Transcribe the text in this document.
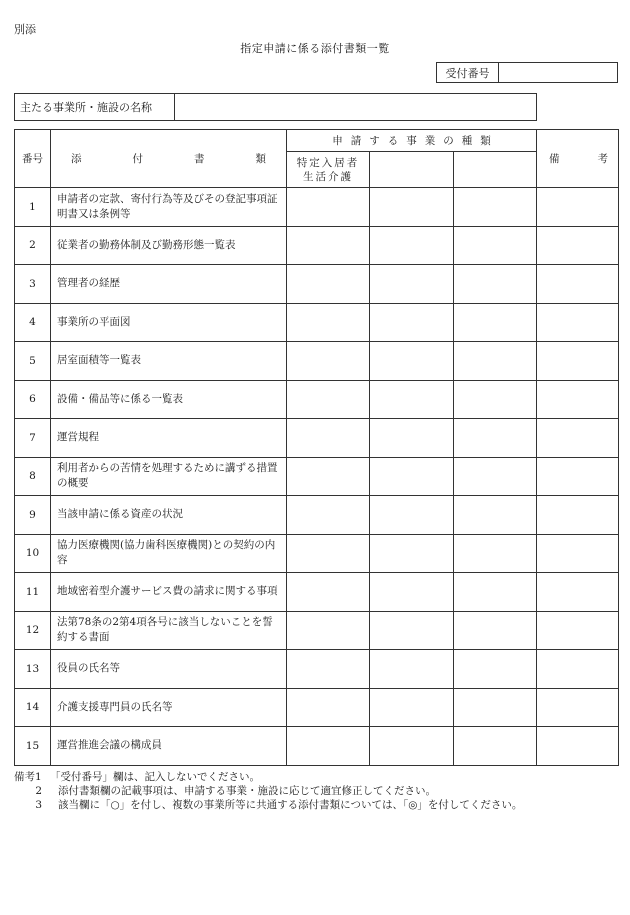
別添
指定申請に係る添付書類一覧
受付番号	
主たる事業所・施設の名称	
番号	添 付 書 類	申請する事業の種類			備 考

		特定入居者
生活介護			

1	申請者の定款、寄付行為等及びその登記事項証明書又は条例等				
2	従業者の勤務体制及び勤務形態一覧表				
3	管理者の経歴				
4	事業所の平面図				
5	居室面積等一覧表				
6	設備・備品等に係る一覧表				
7	運営規程				
8	利用者からの苦情を処理するために講ずる措置の概要				
9	当該申請に係る資産の状況				
10	協力医療機関(協力歯科医療機関)との契約の内容				
11	地域密着型介護サービス費の請求に関する事項				
12	法第78条の2第4項各号に該当しないことを誓約する書面				
13	役員の氏名等				
14	介護支援専門員の氏名等				
15	運営推進会議の構成員				
備考1 「受付番号」欄は、記入しないでください。
2	添付書類欄の記載事項は、申請する事業・施設に応じて適宜修正してください。
3	該当欄に「○」を付し、複数の事業所等に共通する添付書類については、「◎」を付してください。
